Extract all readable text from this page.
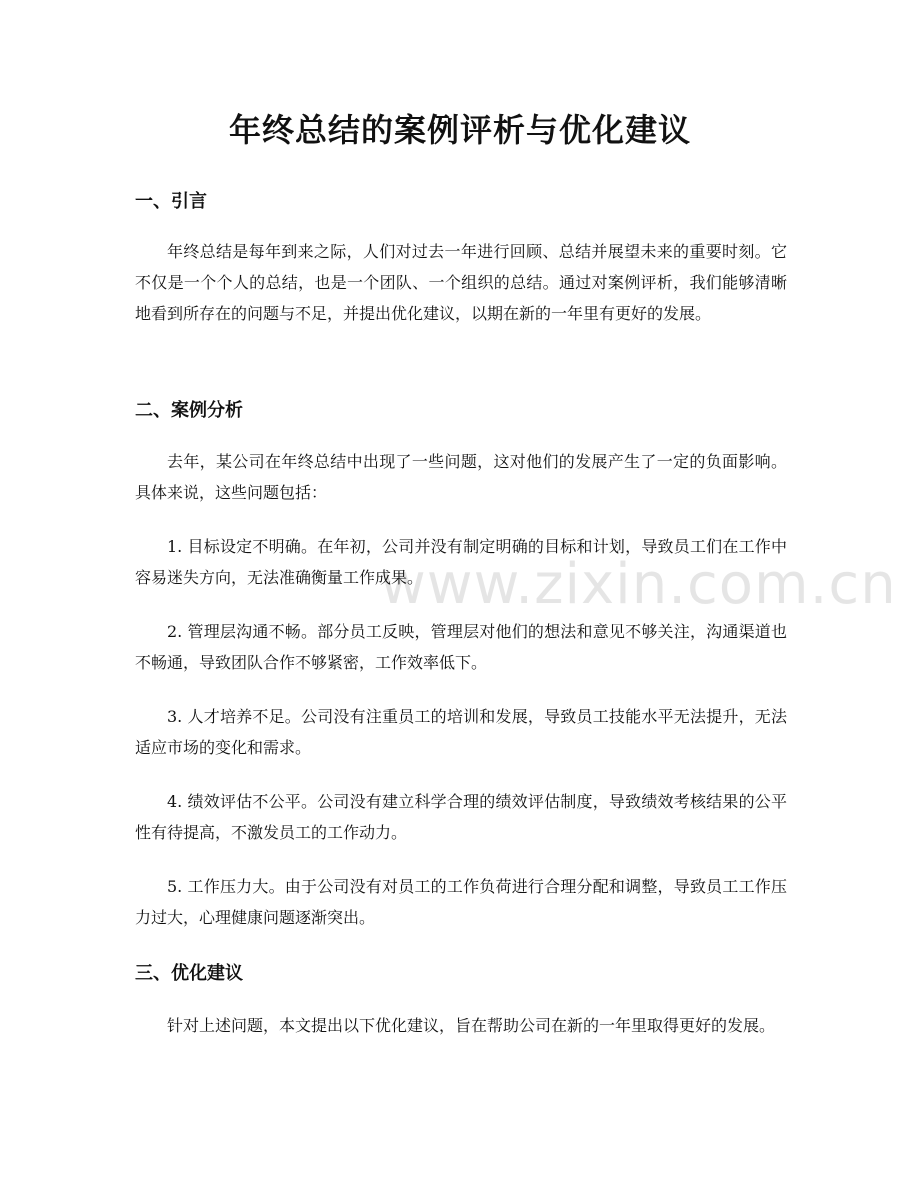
年终总结的案例评析与优化建议
www.zixin.com.cn
一、引言

年终总结是每年到来之际，人们对过去一年进行回顾、总结并展望未来的重要时刻。它不仅是一个个人的总结，也是一个团队、一个组织的总结。通过对案例评析，我们能够清晰地看到所存在的问题与不足，并提出优化建议，以期在新的一年里有更好的发展。

二、案例分析

去年，某公司在年终总结中出现了一些问题，这对他们的发展产生了一定的负面影响。具体来说，这些问题包括：

1. 目标设定不明确。在年初，公司并没有制定明确的目标和计划，导致员工们在工作中容易迷失方向，无法准确衡量工作成果。

2. 管理层沟通不畅。部分员工反映，管理层对他们的想法和意见不够关注，沟通渠道也不畅通，导致团队合作不够紧密，工作效率低下。

3. 人才培养不足。公司没有注重员工的培训和发展，导致员工技能水平无法提升，无法适应市场的变化和需求。

4. 绩效评估不公平。公司没有建立科学合理的绩效评估制度，导致绩效考核结果的公平性有待提高，不激发员工的工作动力。

5. 工作压力大。由于公司没有对员工的工作负荷进行合理分配和调整，导致员工工作压力过大，心理健康问题逐渐突出。

三、优化建议

针对上述问题，本文提出以下优化建议，旨在帮助公司在新的一年里取得更好的发展。
